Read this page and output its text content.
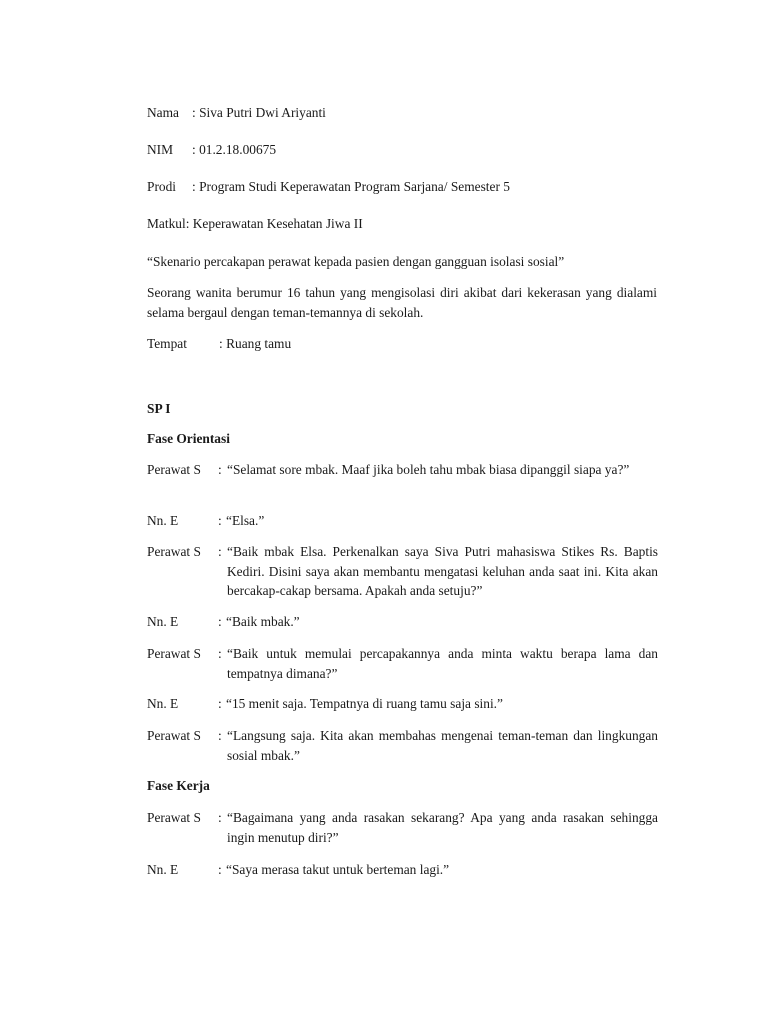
Nama : Siva Putri Dwi Ariyanti
NIM : 01.2.18.00675
Prodi : Program Studi Keperawatan Program Sarjana/ Semester 5
Matkul: Keperawatan Kesehatan Jiwa II
“Skenario percakapan perawat kepada pasien dengan gangguan isolasi sosial”
Seorang wanita berumur 16 tahun yang mengisolasi diri akibat dari kekerasan yang dialami selama bergaul dengan teman-temannya di sekolah.
Tempat : Ruang tamu
SP I
Fase Orientasi
Perawat S : “Selamat sore mbak. Maaf jika boleh tahu mbak biasa dipanggil siapa ya?”
Nn. E	: “Elsa.”
Perawat S : “Baik mbak Elsa. Perkenalkan saya Siva Putri mahasiswa Stikes Rs. Baptis Kediri. Disini saya akan membantu mengatasi keluhan anda saat ini. Kita akan bercakap-cakap bersama. Apakah anda setuju?”
Nn. E	: “Baik mbak.”
Perawat S : “Baik untuk memulai percapakannya anda minta waktu berapa lama dan tempatnya dimana?”
Nn. E	: “15 menit saja. Tempatnya di ruang tamu saja sini.”
Perawat S : “Langsung saja. Kita akan membahas mengenai teman-teman dan lingkungan sosial mbak.”
Fase Kerja
Perawat S : “Bagaimana yang anda rasakan sekarang? Apa yang anda rasakan sehingga ingin menutup diri?”
Nn. E	: “Saya merasa takut untuk berteman lagi.”
